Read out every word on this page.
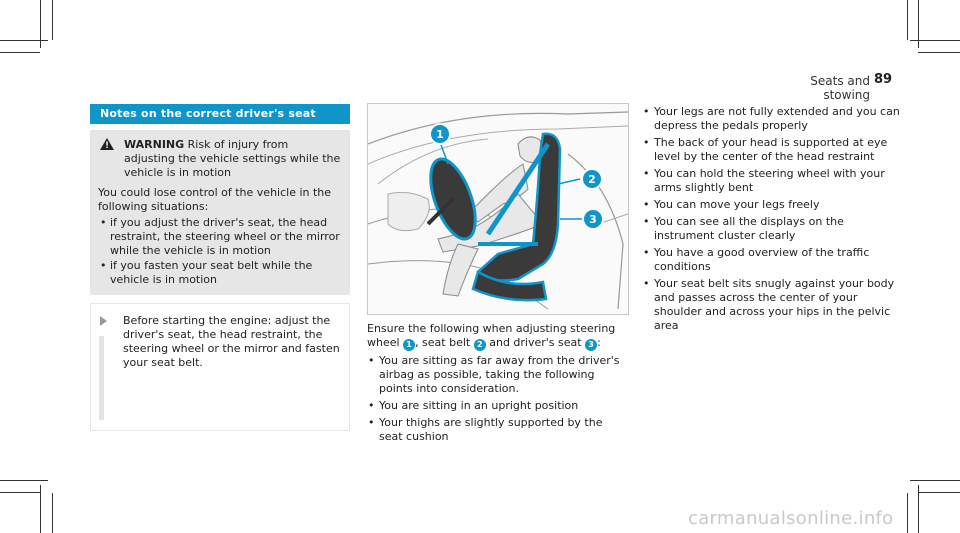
Seats and stowing
89
Notes on the correct driver's seat
!
WARNING Risk of injury from adjusting the vehicle settings while the vehicle is in motion
You could lose control of the vehicle in the following situations:
• if you adjust the driver's seat, the head restraint, the steering wheel or the mirror while the vehicle is in motion
• if you fasten your seat belt while the vehicle is in motion
Before starting the engine: adjust the driver's seat, the head restraint, the steering wheel or the mirror and fasten your seat belt.
1
2
3
Ensure the following when adjusting steering wheel 1 , seat belt 2 and driver's seat 3 :
• You are sitting as far away from the driver's airbag as possible, taking the following points into consideration.
• You are sitting in an upright position
• Your thighs are slightly supported by the seat cushion
• Your legs are not fully extended and you can depress the pedals properly
• The back of your head is supported at eye level by the center of the head restraint
• You can hold the steering wheel with your arms slightly bent
• You can move your legs freely
• You can see all the displays on the instrument cluster clearly
• You have a good overview of the traffic conditions
• Your seat belt sits snugly against your body and passes across the center of your shoulder and across your hips in the pelvic area
carmanualsonline.info
